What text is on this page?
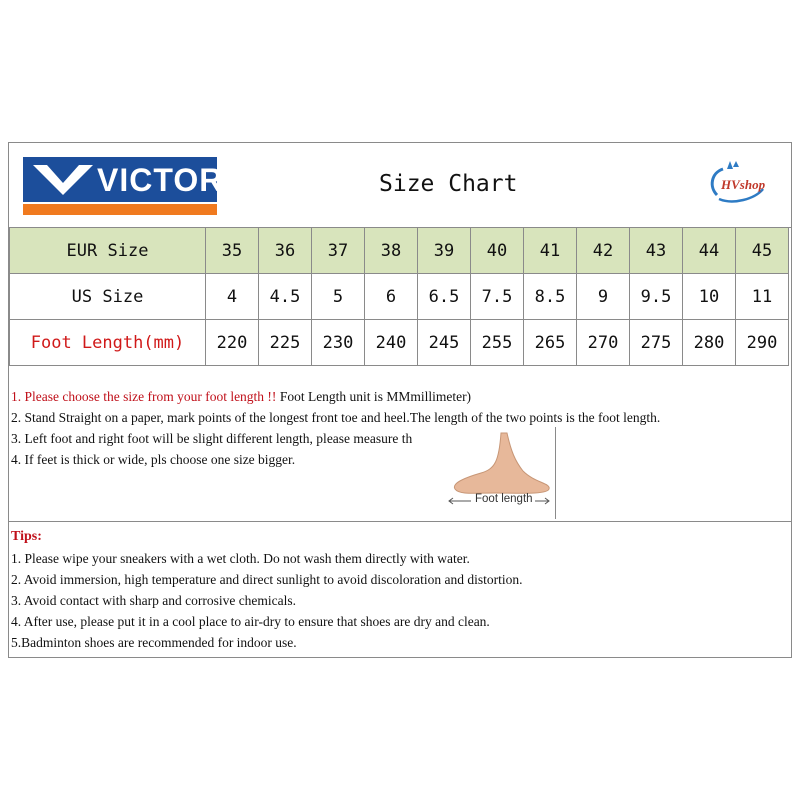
VICTOR	Size Chart	HVshop
EUR Size	35	36	37	38	39	40	41	42	43	44	45
US Size	4	4.5	5	6	6.5	7.5	8.5	9	9.5	10	11
Foot Length(mm)	220	225	230	240	245	255	265	270	275	280	290
1. Please choose the size from your foot length !! Foot Length unit is MMmillimeter)
2. Stand Straight on a paper, mark points of the longest front toe and heel.The length of the two points is the foot length.
3. Left foot and right foot will be slight different length, please measure th
4. If feet is thick or wide, pls choose one size bigger.
Foot length
Tips:
1. Please wipe your sneakers with a wet cloth. Do not wash them directly with water.
2. Avoid immersion, high temperature and direct sunlight to avoid discoloration and distortion.
3. Avoid contact with sharp and corrosive chemicals.
4. After use, please put it in a cool place to air-dry to ensure that shoes are dry and clean.
5.Badminton shoes are recommended for indoor use.
